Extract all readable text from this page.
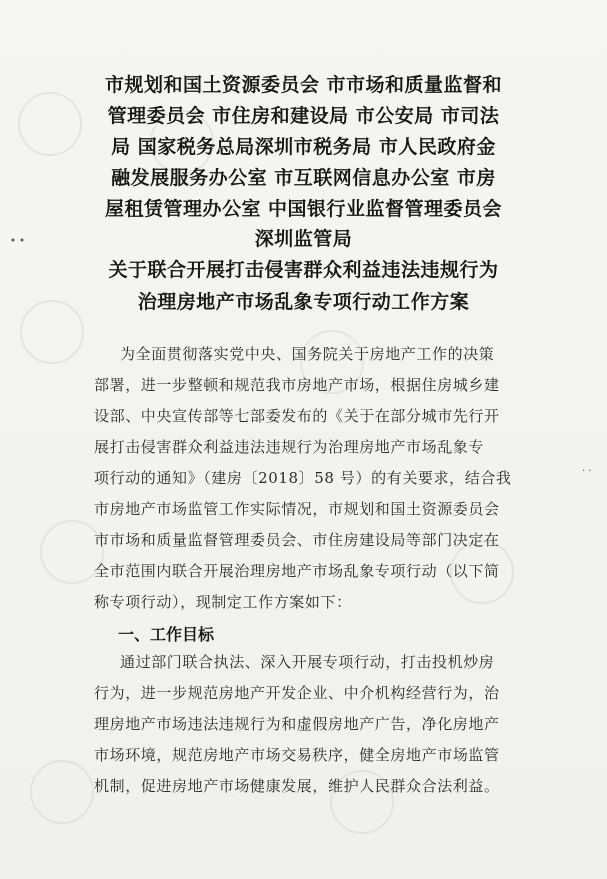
• •
· ·
市规划和国土资源委员会 市市场和质量监督和
管理委员会 市住房和建设局 市公安局 市司法
局 国家税务总局深圳市税务局 市人民政府金
融发展服务办公室 市互联网信息办公室 市房
屋租赁管理办公室 中国银行业监督管理委员会
深圳监管局
关于联合开展打击侵害群众利益违法违规行为
治理房地产市场乱象专项行动工作方案
为全面贯彻落实党中央、国务院关于房地产工作的决策
部署，进一步整顿和规范我市房地产市场，根据住房城乡建
设部、中央宣传部等七部委发布的《关于在部分城市先行开
展打击侵害群众利益违法违规行为治理房地产市场乱象专
项行动的通知》（建房〔2018〕58 号）的有关要求，结合我
市房地产市场监管工作实际情况，市规划和国土资源委员会
市市场和质量监督管理委员会、市住房建设局等部门决定在
全市范围内联合开展治理房地产市场乱象专项行动（以下简
称专项行动），现制定工作方案如下：
一、工作目标
通过部门联合执法、深入开展专项行动，打击投机炒房
行为，进一步规范房地产开发企业、中介机构经营行为，治
理房地产市场违法违规行为和虚假房地产广告，净化房地产
市场环境，规范房地产市场交易秩序，健全房地产市场监管
机制，促进房地产市场健康发展，维护人民群众合法利益。
